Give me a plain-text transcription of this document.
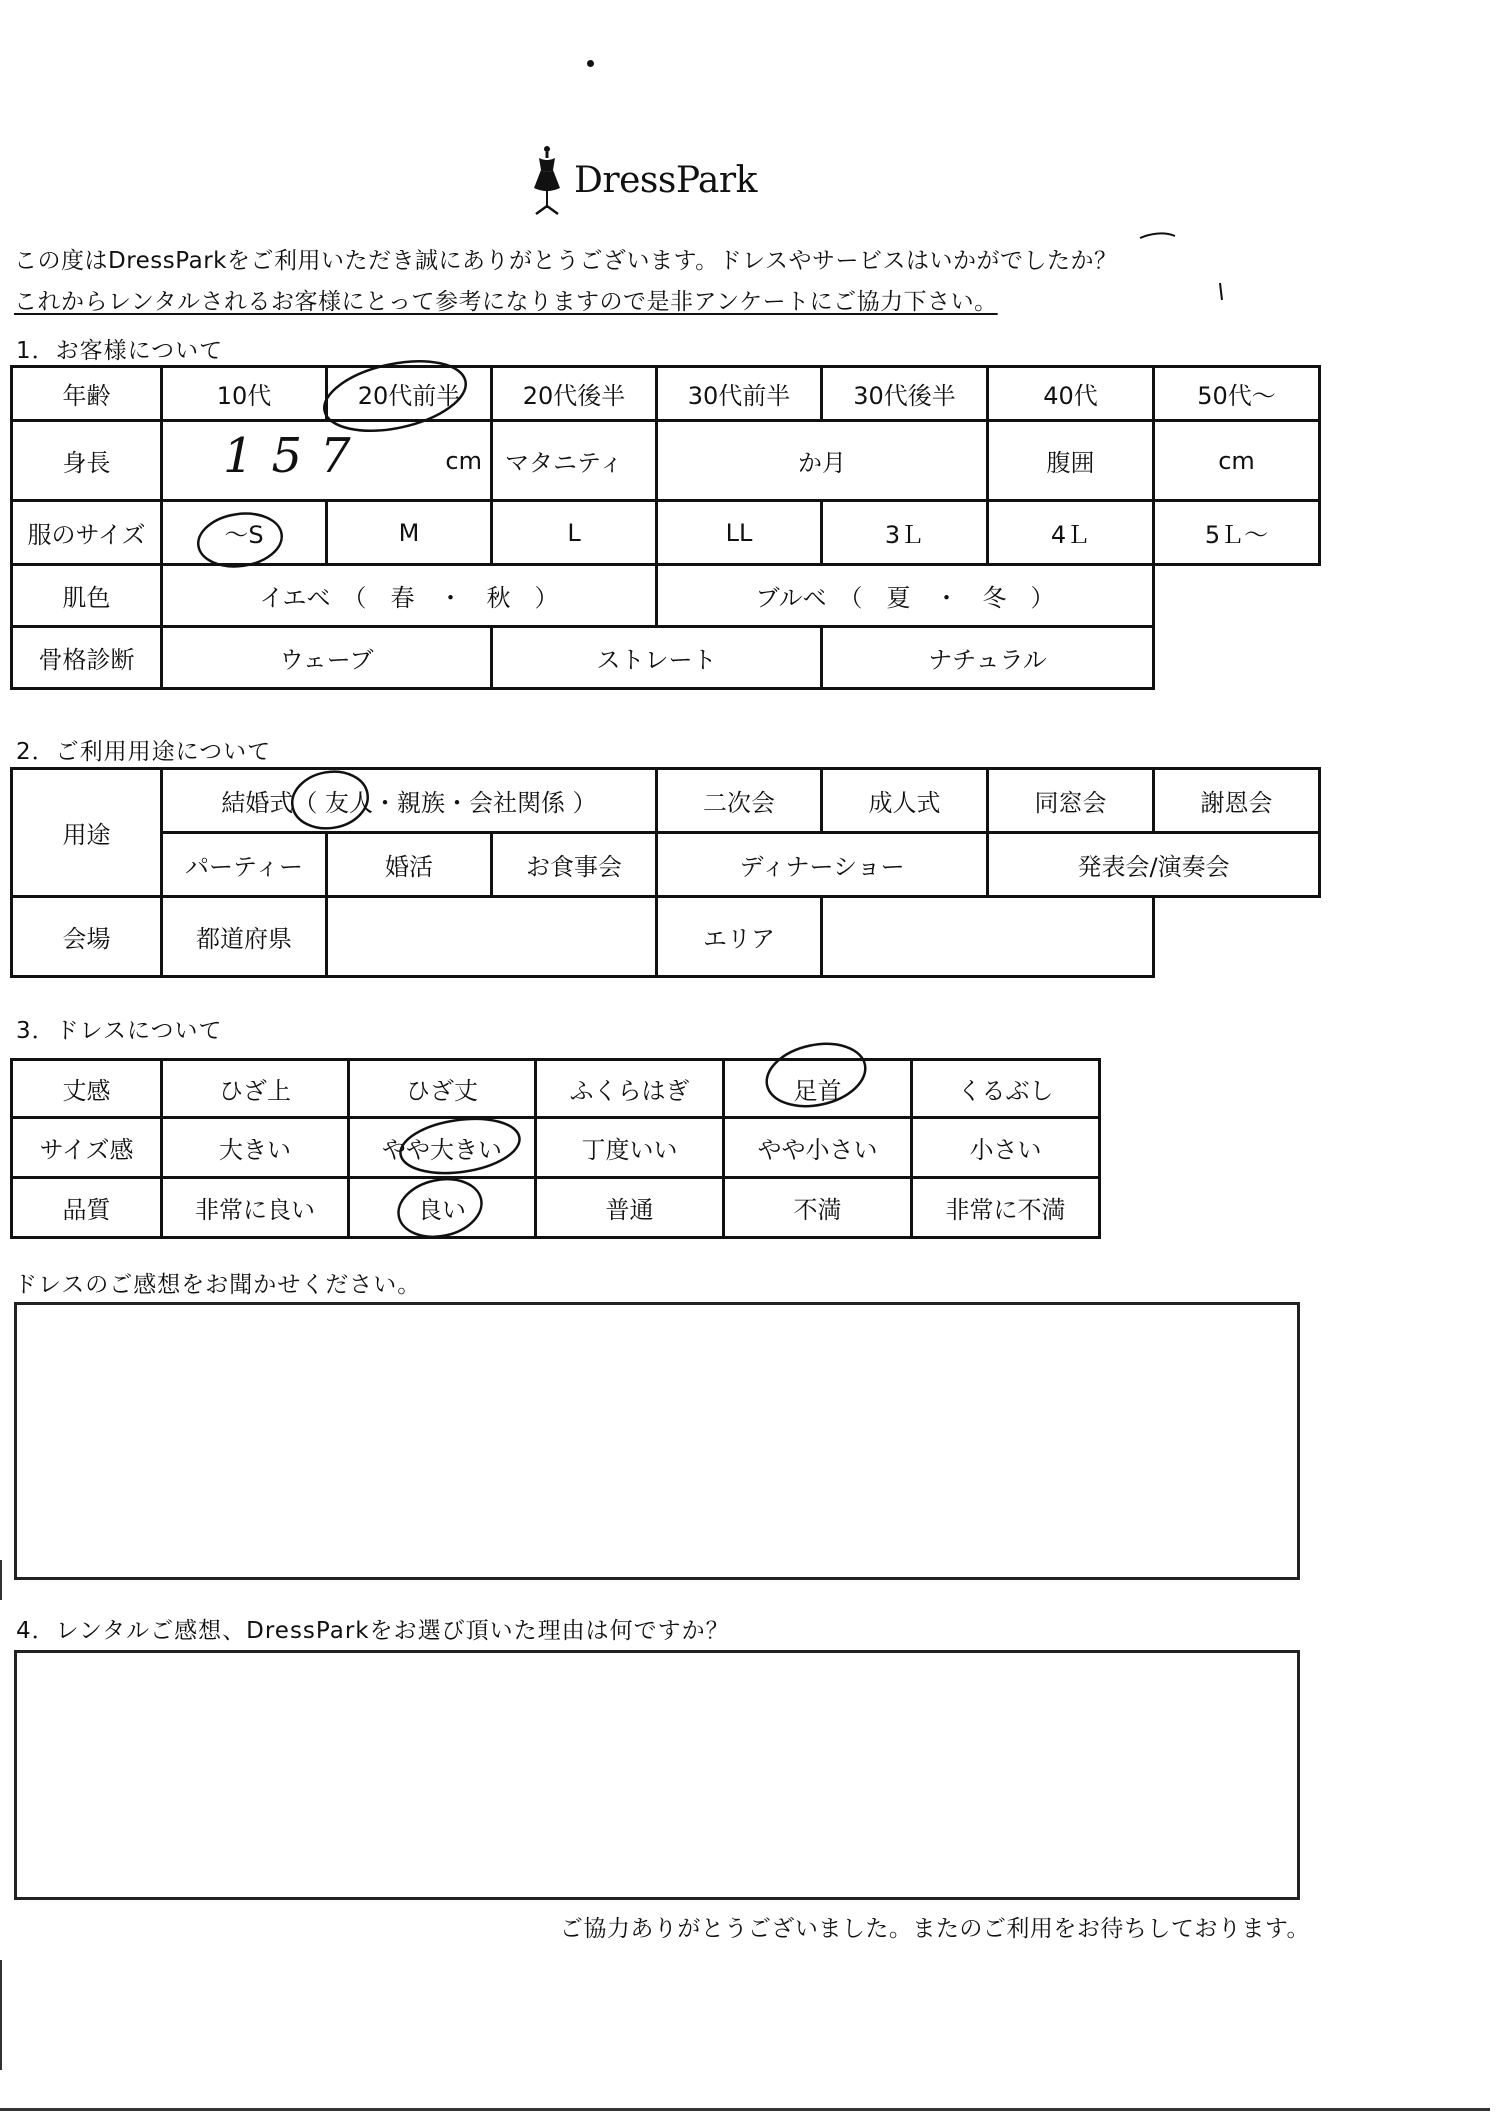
DressPark
この度はDressParkをご利用いただき誠にありがとうございます。ドレスやサービスはいかがでしたか？
これからレンタルされるお客様にとって参考になりますので是非アンケートにご協力下さい。
1．お客様について
年齢	10代	20代前半	20代後半	30代前半	30代後半	40代	50代～
身長	157 cm		マタニティ	か月		腹囲	cm
服のサイズ	～S	M	L	LL	3Ｌ	4Ｌ	5Ｌ～
肌色	イエベ　（　春　・　秋　）			ブルベ　（　夏　・　冬　）			
骨格診断	ウェーブ		ストレート		ナチュラル		
2．ご利用用途について
用途	結婚式（ 友人・親族・会社関係 ）			二次会	成人式	同窓会	謝恩会
	パーティー	婚活	お食事会	ディナーショー		発表会/演奏会	
会場	都道府県			エリア			
3．ドレスについて
丈感	ひざ上	ひざ丈	ふくらはぎ	足首	くるぶし
サイズ感	大きい	やや大きい	丁度いい	やや小さい	小さい
品質	非常に良い	良い	普通	不満	非常に不満
ドレスのご感想をお聞かせください。
4．レンタルご感想、DressParkをお選び頂いた理由は何ですか？
ご協力ありがとうございました。またのご利用をお待ちしております。
